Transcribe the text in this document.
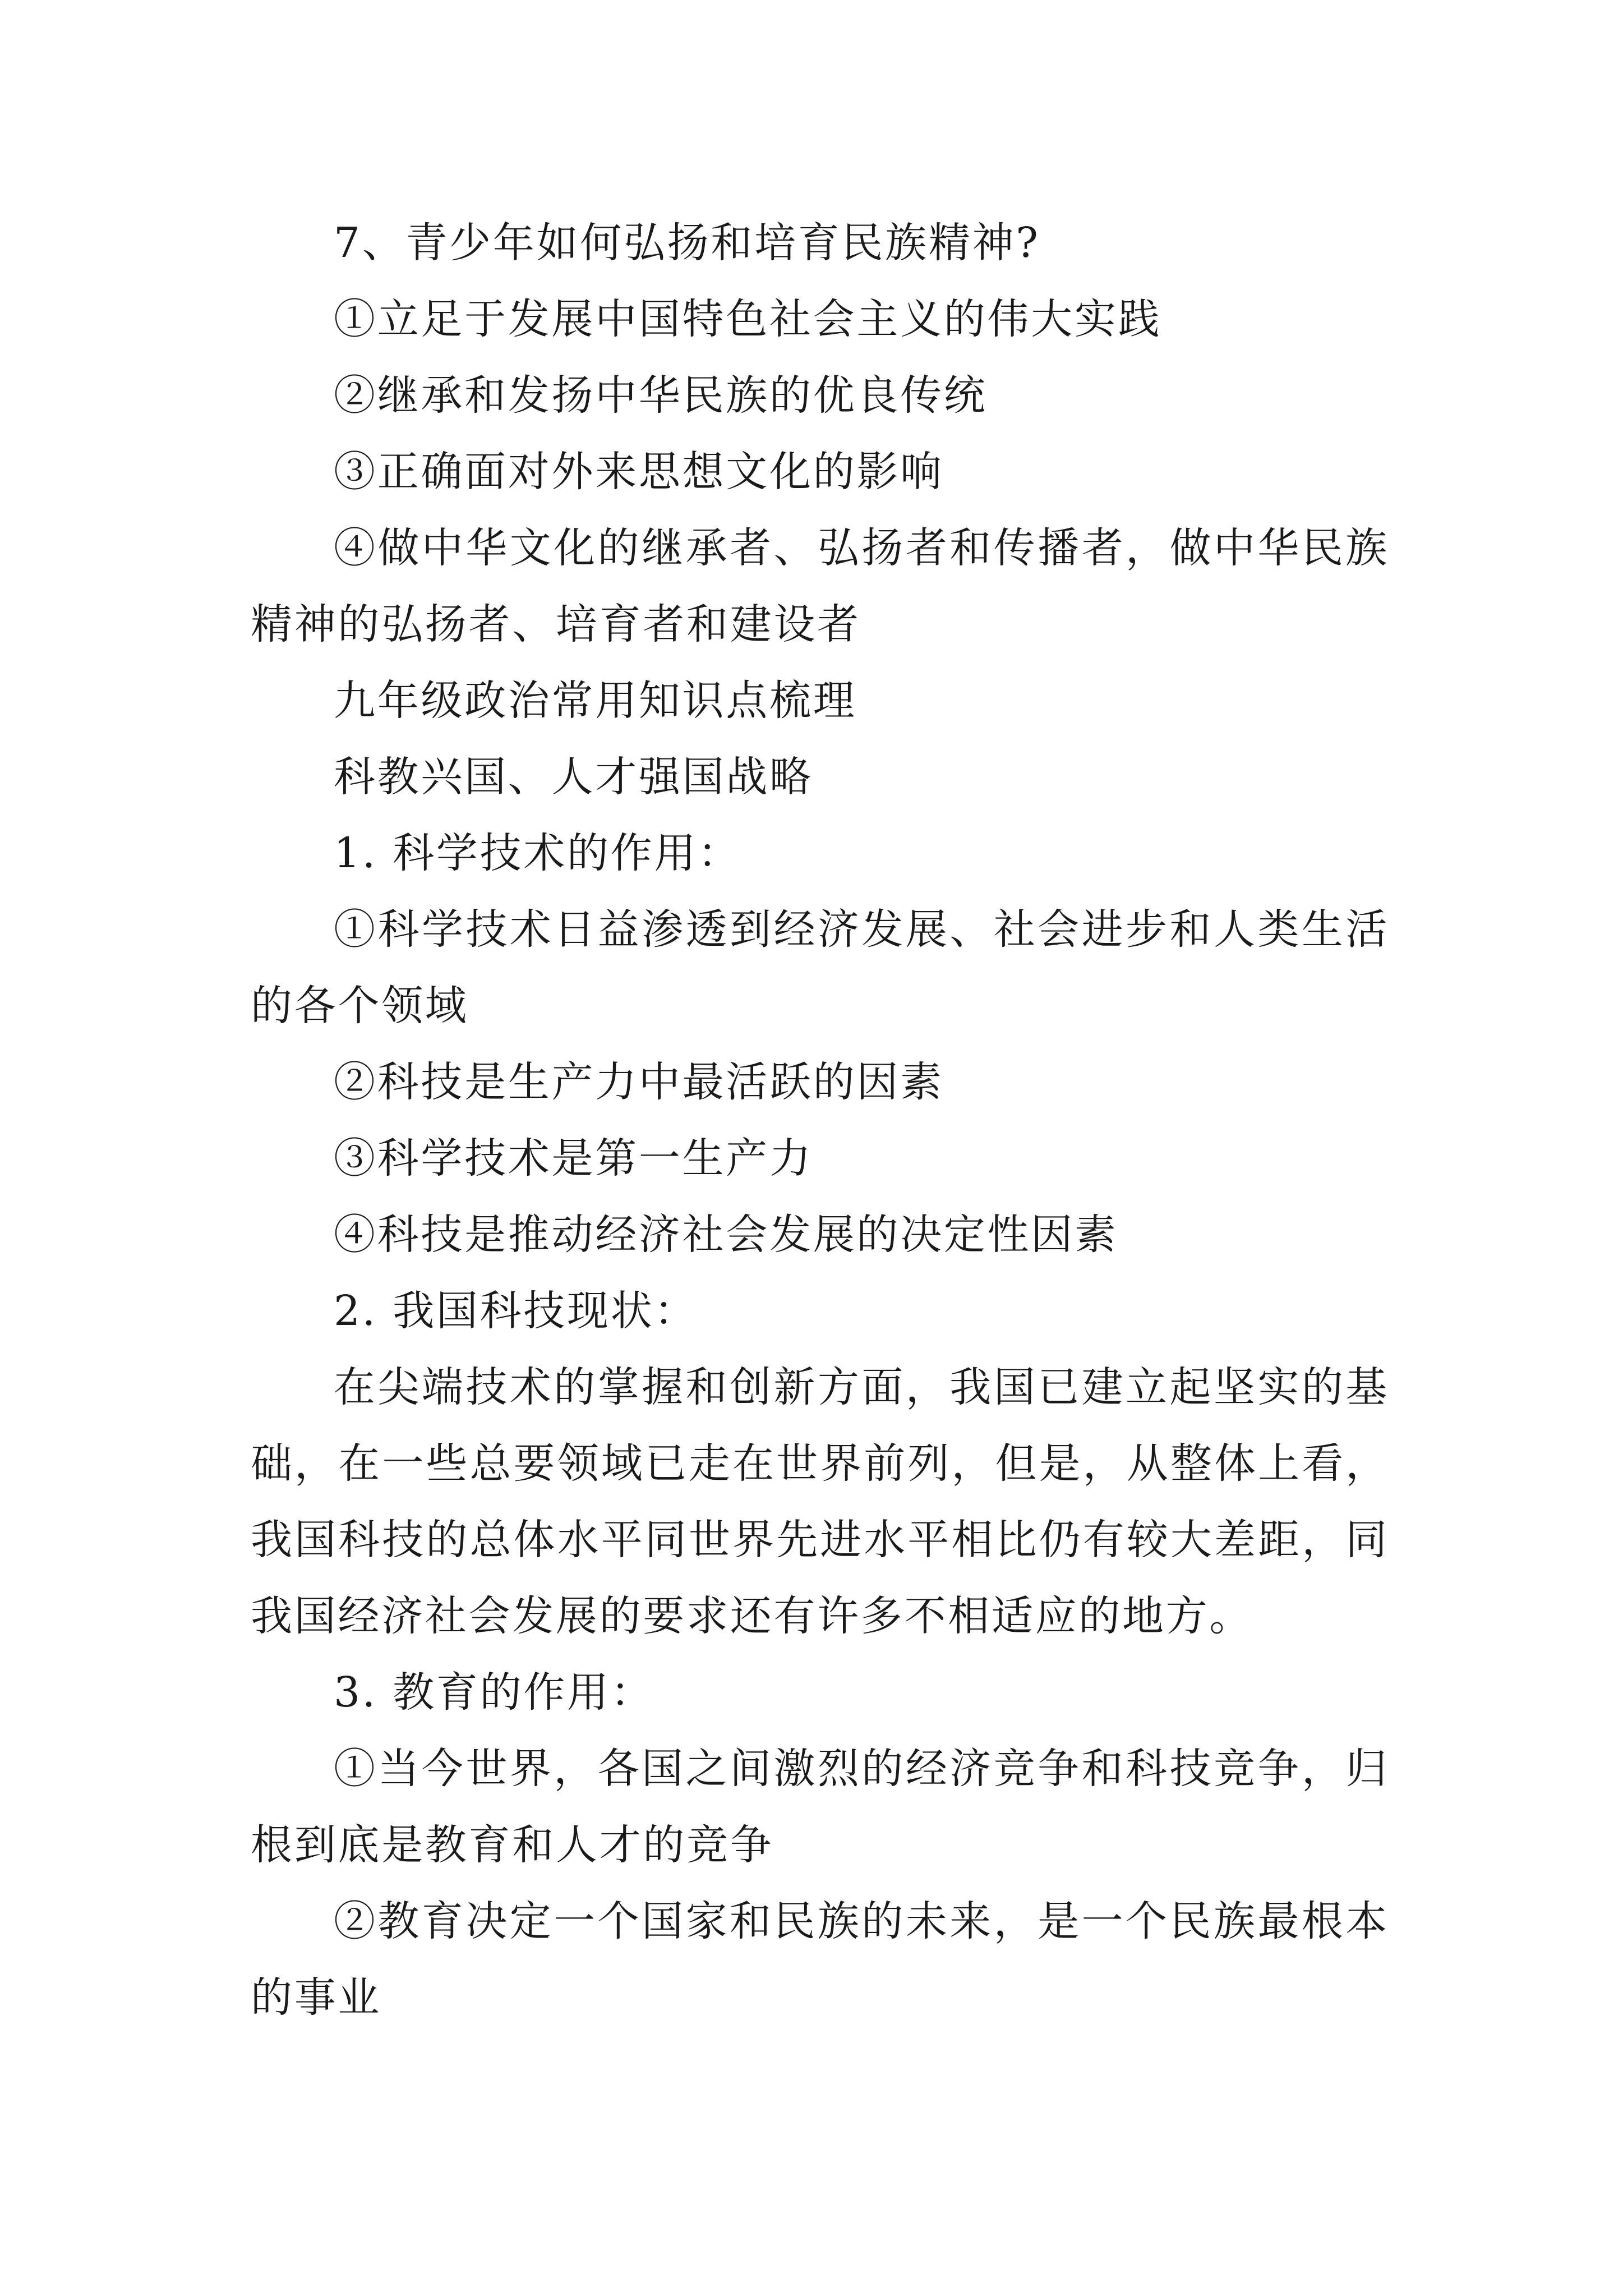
7、青少年如何弘扬和培育民族精神?

①立足于发展中国特色社会主义的伟大实践

②继承和发扬中华民族的优良传统

③正确面对外来思想文化的影响

④做中华文化的继承者、弘扬者和传播者，做中华民族精神的弘扬者、培育者和建设者

九年级政治常用知识点梳理

科教兴国、人才强国战略

1. 科学技术的作用：

①科学技术日益渗透到经济发展、社会进步和人类生活的各个领域

②科技是生产力中最活跃的因素

③科学技术是第一生产力

④科技是推动经济社会发展的决定性因素

2. 我国科技现状：

在尖端技术的掌握和创新方面，我国已建立起坚实的基础，在一些总要领域已走在世界前列，但是，从整体上看，我国科技的总体水平同世界先进水平相比仍有较大差距，同我国经济社会发展的要求还有许多不相适应的地方。

3. 教育的作用：

①当今世界，各国之间激烈的经济竞争和科技竞争，归根到底是教育和人才的竞争

②教育决定一个国家和民族的未来，是一个民族最根本的事业
